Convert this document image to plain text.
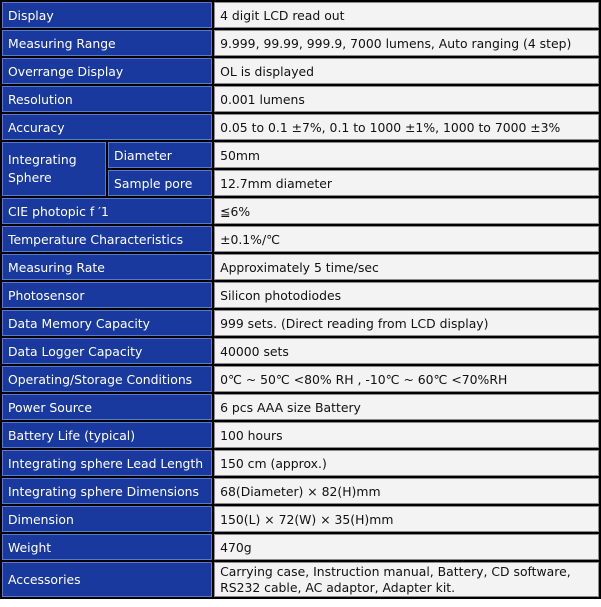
Display		4 digit LCD read out
Measuring Range		9.999, 99.99, 999.9, 7000 lumens, Auto ranging (4 step)
Overrange Display		OL is displayed
Resolution		0.001 lumens
Accuracy		0.05 to 0.1 ±7%, 0.1 to 1000 ±1%, 1000 to 7000 ±3%
Integrating
Sphere	Diameter	50mm
	Sample pore	12.7mm diameter
CIE photopic f ′1		≦6%
Temperature Characteristics		±0.1%/℃
Measuring Rate		Approximately 5 time/sec
Photosensor		Silicon photodiodes
Data Memory Capacity		999 sets. (Direct reading from LCD display)
Data Logger Capacity		40000 sets
Operating/Storage Conditions		0℃ ~ 50℃ <80% RH , -10℃ ~ 60℃ <70%RH
Power Source		6 pcs AAA size Battery
Battery Life (typical)		100 hours
Integrating sphere Lead Length		150 cm (approx.)
Integrating sphere Dimensions		68(Diameter) × 82(H)mm
Dimension		150(L) × 72(W) × 35(H)mm
Weight		470g
Accessories		Carrying case, Instruction manual, Battery, CD software,
RS232 cable, AC adaptor, Adapter kit.
